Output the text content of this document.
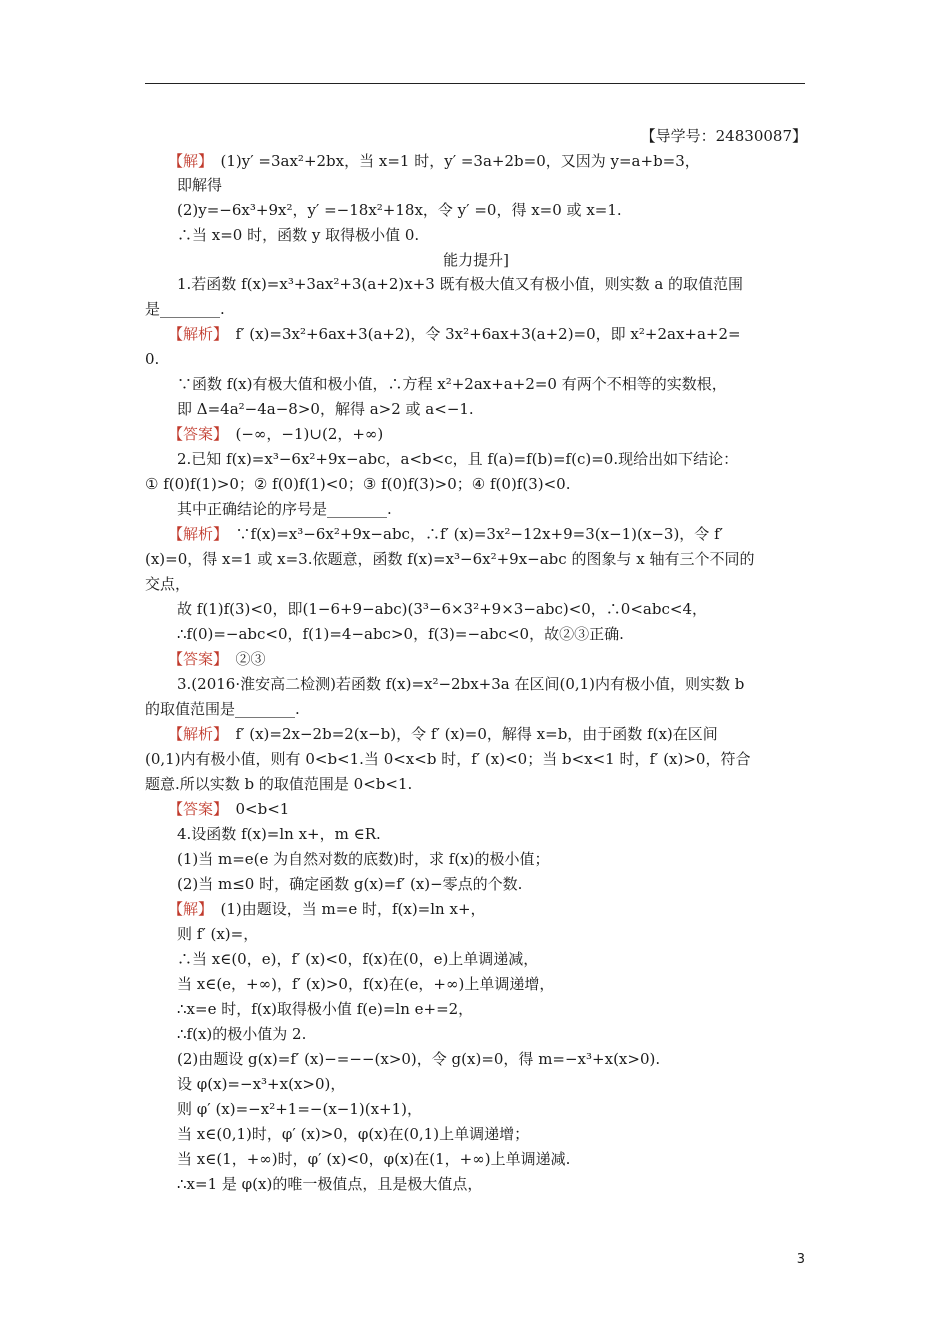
【导学号：24830087】
【解】　(1)y′ =3ax²+2bx，当 x=1 时，y′ =3a+2b=0，又因为 y=a+b=3，
即解得
(2)y=−6x³+9x²，y′ =−18x²+18x，令 y′ =0，得 x=0 或 x=1.
∴当 x=0 时，函数 y 取得极小值 0.
能力提升]
1.若函数 f(x)=x³+3ax²+3(a+2)x+3 既有极大值又有极小值，则实数 a 的取值范围
是________.
【解析】　f′ (x)=3x²+6ax+3(a+2)，令 3x²+6ax+3(a+2)=0，即 x²+2ax+a+2=
0.
∵函数 f(x)有极大值和极小值，∴方程 x²+2ax+a+2=0 有两个不相等的实数根，
即 Δ=4a²−4a−8>0，解得 a>2 或 a<−1.
【答案】　(−∞，−1)∪(2，+∞)
2.已知 f(x)=x³−6x²+9x−abc，a<b<c，且 f(a)=f(b)=f(c)=0.现给出如下结论：
① f(0)f(1)>0；② f(0)f(1)<0；③ f(0)f(3)>0；④ f(0)f(3)<0.
其中正确结论的序号是________.
【解析】　∵f(x)=x³−6x²+9x−abc，∴f′ (x)=3x²−12x+9=3(x−1)(x−3)，令 f′
(x)=0，得 x=1 或 x=3.依题意，函数 f(x)=x³−6x²+9x−abc 的图象与 x 轴有三个不同的
交点，
故 f(1)f(3)<0，即(1−6+9−abc)(3³−6×3²+9×3−abc)<0，∴0<abc<4，
∴f(0)=−abc<0，f(1)=4−abc>0，f(3)=−abc<0，故②③正确.
【答案】　②③
3.(2016·淮安高二检测)若函数 f(x)=x²−2bx+3a 在区间(0,1)内有极小值，则实数 b
的取值范围是________.
【解析】　f′ (x)=2x−2b=2(x−b)，令 f′ (x)=0，解得 x=b，由于函数 f(x)在区间
(0,1)内有极小值，则有 0<b<1.当 0<x<b 时，f′ (x)<0；当 b<x<1 时，f′ (x)>0，符合
题意.所以实数 b 的取值范围是 0<b<1.
【答案】　0<b<1
4.设函数 f(x)=ln x+，m ∈R.
(1)当 m=e(e 为自然对数的底数)时，求 f(x)的极小值；
(2)当 m≤0 时，确定函数 g(x)=f′ (x)−零点的个数.
【解】　(1)由题设，当 m=e 时，f(x)=ln x+，
则 f′ (x)=，
∴当 x∈(0，e)，f′ (x)<0，f(x)在(0，e)上单调递减，
当 x∈(e，+∞)，f′ (x)>0，f(x)在(e，+∞)上单调递增，
∴x=e 时，f(x)取得极小值 f(e)=ln e+=2，
∴f(x)的极小值为 2.
(2)由题设 g(x)=f′ (x)−=−−(x>0)，令 g(x)=0，得 m=−x³+x(x>0).
设 φ(x)=−x³+x(x>0)，
则 φ′ (x)=−x²+1=−(x−1)(x+1)，
当 x∈(0,1)时，φ′ (x)>0，φ(x)在(0,1)上单调递增；
当 x∈(1，+∞)时，φ′ (x)<0，φ(x)在(1，+∞)上单调递减.
∴x=1 是 φ(x)的唯一极值点，且是极大值点，
3
